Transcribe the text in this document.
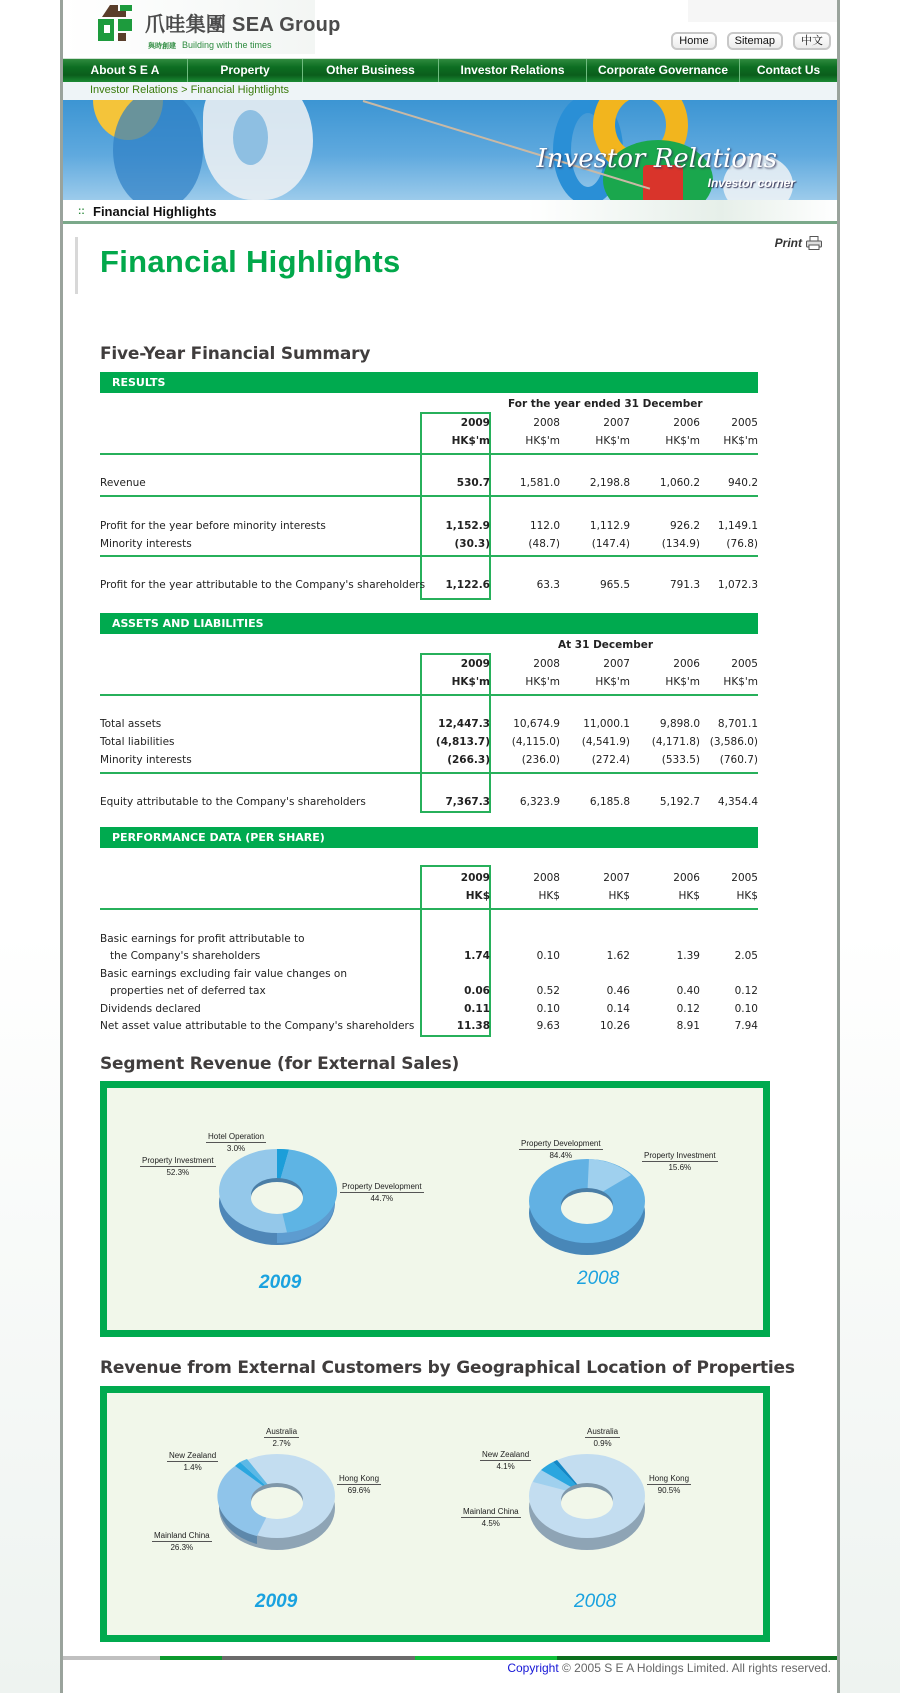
爪哇集團 SEA Group
與時創建 Building with the times	Home	Sitemap	中文
About S E A	Property	Other Business	Investor Relations	Corporate Governance	Contact Us
Investor Relations > Financial Hightlights
Investor Relations
Investor corner
:: Financial Highlights
Financial Highlights
Print
Five-Year Financial Summary
RESULTS
For the year ended 31 December
2009	2008	2007	2006	2005
HK$'m	HK$'m	HK$'m	HK$'m	HK$'m
Revenue	530.7	1,581.0	2,198.8	1,060.2	940.2
Profit for the year before minority interests	1,152.9	112.0	1,112.9	926.2	1,149.1
Minority interests	(30.3)	(48.7)	(147.4)	(134.9)	(76.8)
Profit for the year attributable to the Company's shareholders	1,122.6	63.3	965.5	791.3	1,072.3
ASSETS AND LIABILITIES
At 31 December
2009	2008	2007	2006	2005
HK$'m	HK$'m	HK$'m	HK$'m	HK$'m
Total assets	12,447.3	10,674.9	11,000.1	9,898.0	8,701.1
Total liabilities	(4,813.7)	(4,115.0)	(4,541.9)	(4,171.8) (3,586.0)
Minority interests	(266.3)	(236.0)	(272.4)	(533.5)	(760.7)
Equity attributable to the Company's shareholders	7,367.3	6,323.9	6,185.8	5,192.7	4,354.4
PERFORMANCE DATA (PER SHARE)
2009	2008	2007	2006	2005
HK$	HK$	HK$	HK$	HK$
Basic earnings for profit attributable to
the Company's shareholders	1.74	0.10	1.62	1.39	2.05
Basic earnings excluding fair value changes on
properties net of deferred tax	0.06	0.52	0.46	0.40	0.12
Dividends declared	0.11	0.10	0.14	0.12	0.10
Net asset value attributable to the Company's shareholders	11.38	9.63	10.26	8.91	7.94
Segment Revenue (for External Sales)
Hotel Operation
3.0%
Property Investment
52.3%
Property Development
44.7%
2009
Property Development
84.4%	Property Investment
15.6%
2008
Revenue from External Customers by Geographical Location of Properties
Australia
2.7%
New Zealand
1.4%
Hong Kong
69.6%
Mainland China
26.3%
2009
Australia
0.9%
New Zealand
4.1%
Hong Kong
90.5%
Mainland China
4.5%
2008
Copyright © 2005 S E A Holdings Limited. All rights reserved.
